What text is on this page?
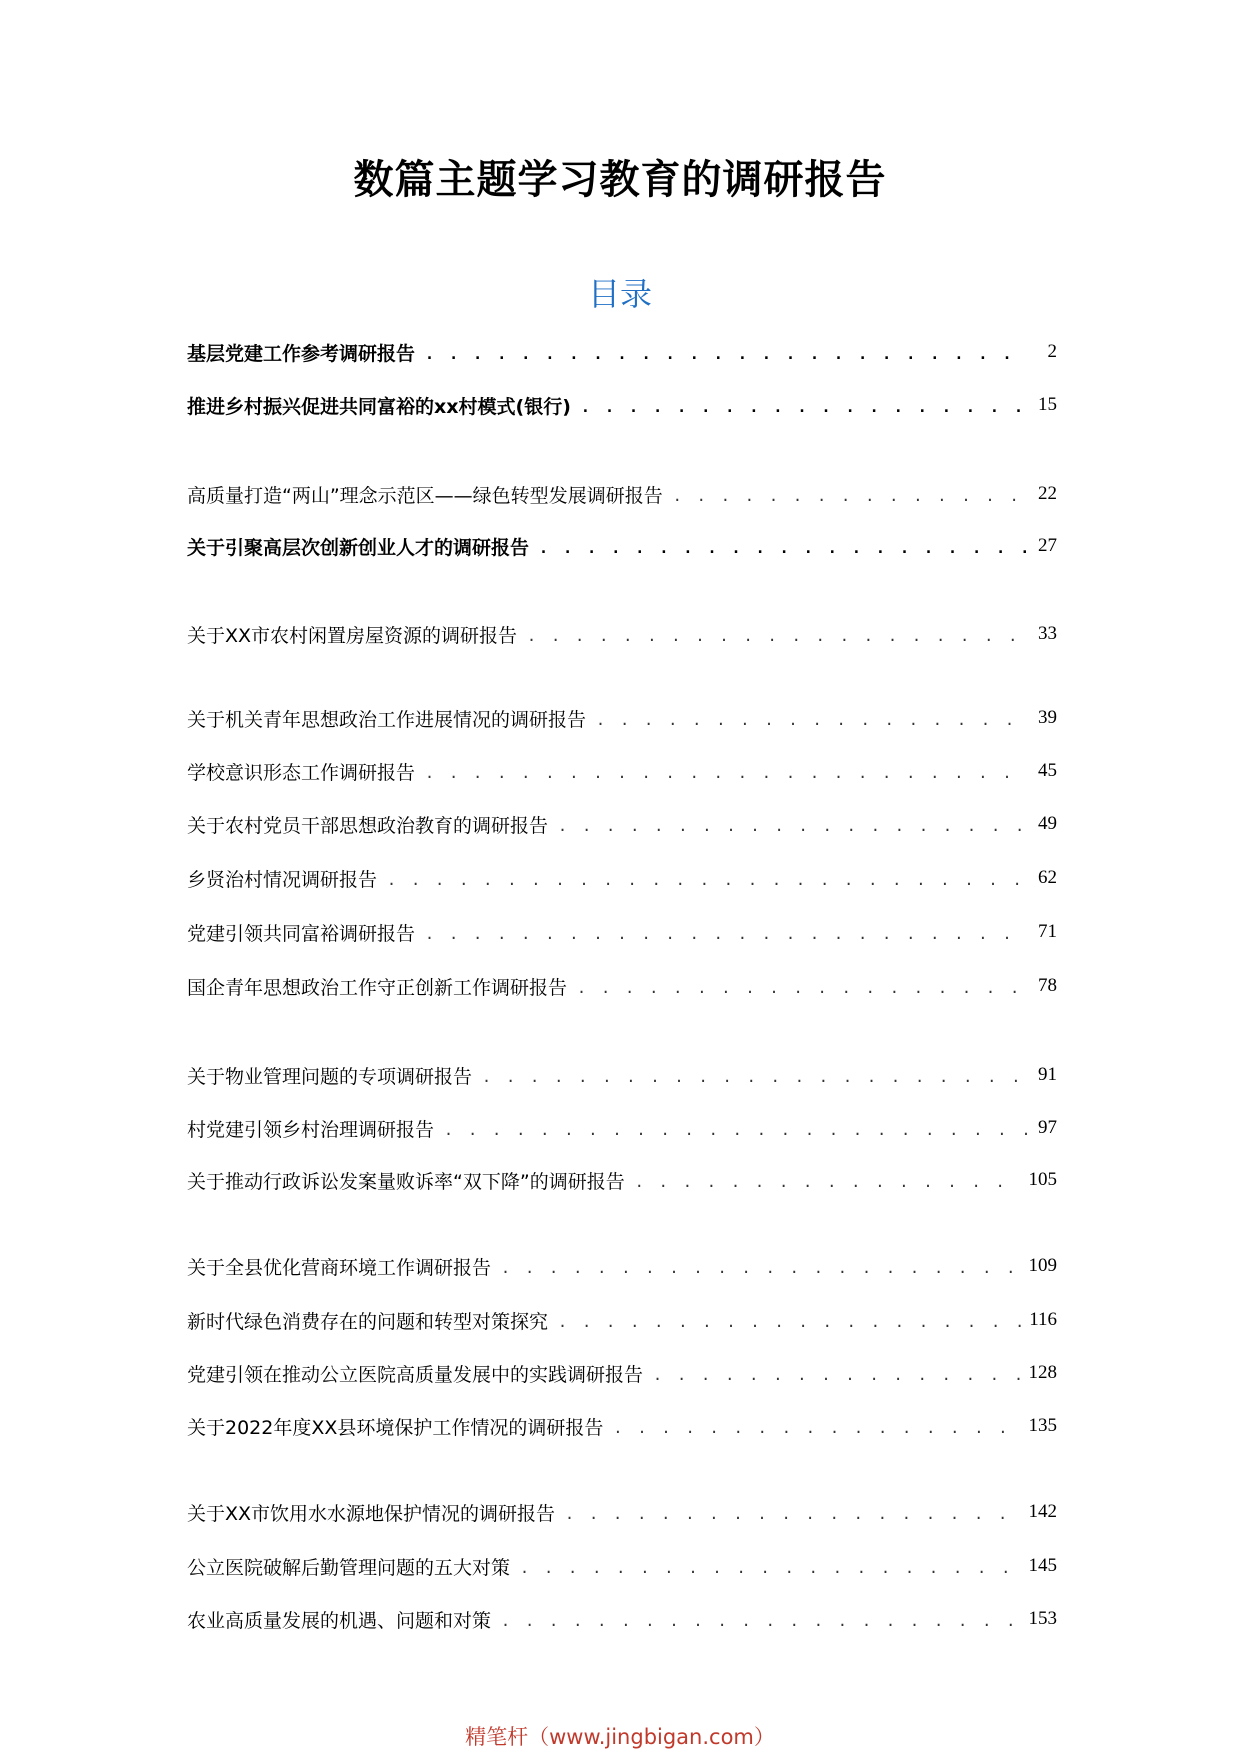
数篇主题学习教育的调研报告
目录
基层党建工作参考调研报告 . . .	2
推进乡村振兴促进共同富裕的xx村模式(银行) . . .	15
高质量打造“两山”理念示范区——绿色转型发展调研报告 . . .	22
关于引聚高层次创新创业人才的调研报告 . . .	27
关于XX市农村闲置房屋资源的调研报告 . . .	33
关于机关青年思想政治工作进展情况的调研报告 . . .	39
学校意识形态工作调研报告 . . .	45
关于农村党员干部思想政治教育的调研报告 . . .	49
乡贤治村情况调研报告 . . .	62
党建引领共同富裕调研报告 . . .	71
国企青年思想政治工作守正创新工作调研报告 . . .	78
关于物业管理问题的专项调研报告 . . .	91
村党建引领乡村治理调研报告 . . .	97
关于推动行政诉讼发案量败诉率“双下降”的调研报告 . . .	105
关于全县优化营商环境工作调研报告 . . .	109
新时代绿色消费存在的问题和转型对策探究 . . .	116
党建引领在推动公立医院高质量发展中的实践调研报告 . . .	128
关于2022年度XX县环境保护工作情况的调研报告 . . .	135
关于XX市饮用水水源地保护情况的调研报告 . . .	142
公立医院破解后勤管理问题的五大对策 . . .	145
农业高质量发展的机遇、问题和对策 . . .	153
精笔杆（www.jingbigan.com）
